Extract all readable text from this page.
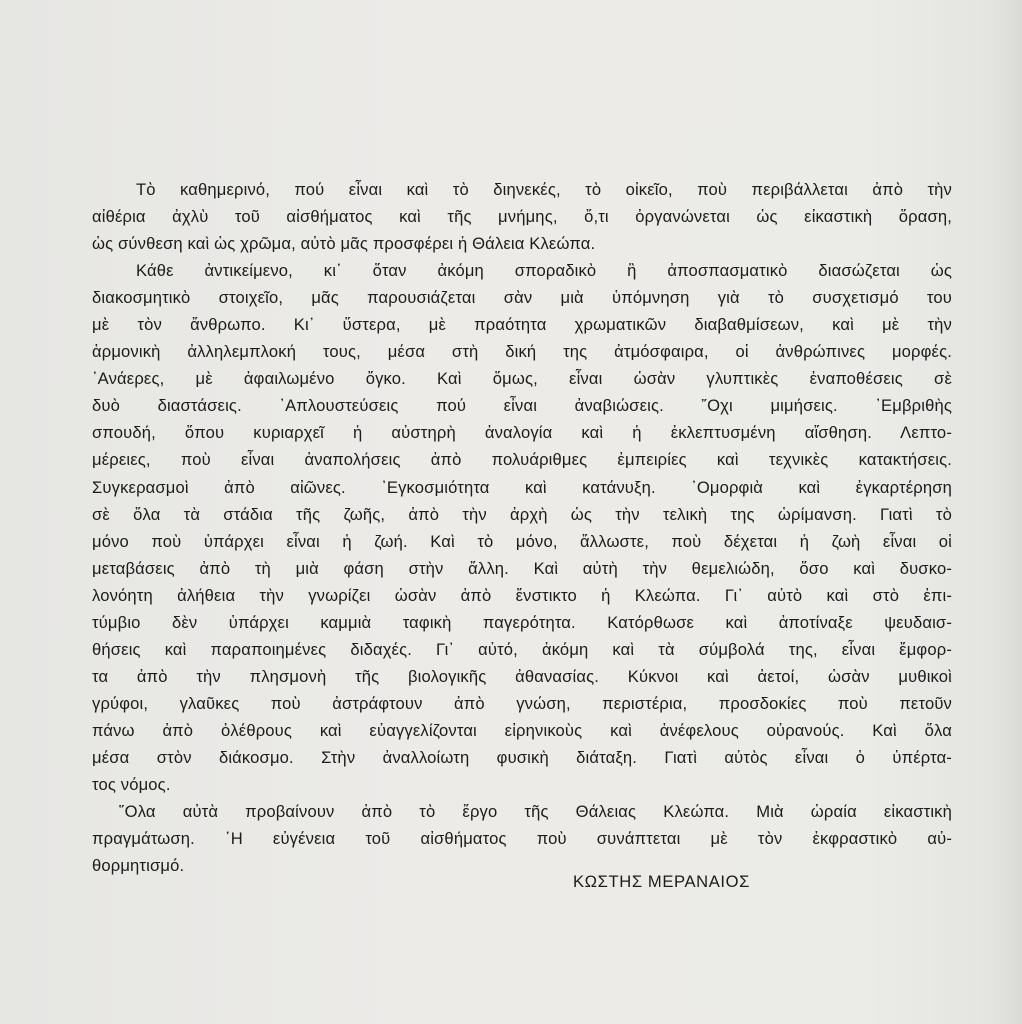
Τὸ καθημερινό, πού εἶναι καὶ τὸ διηνεκές, τὸ οἰκεῖο, ποὺ περιβάλλεται ἀπὸ τὴν
αἰθέρια ἀχλὺ τοῦ αἰσθήματος καὶ τῆς μνήμης, ὅ,τι ὀργανώνεται ὡς εἰκαστικὴ ὅραση,
ὡς σύνθεση καὶ ὡς χρῶμα, αὐτὸ μᾶς προσφέρει ἡ Θάλεια Κλεώπα.
Κάθε ἀντικείμενο, κι᾿ ὅταν ἀκόμη σποραδικὸ ἢ ἀποσπασματικὸ διασώζεται ὡς
διακοσμητικὸ στοιχεῖο, μᾶς παρουσιάζεται σὰν μιὰ ὑπόμνηση γιὰ τὸ συσχετισμό του
μὲ τὸν ἄνθρωπο. Κι᾿ ὕστερα, μὲ πραότητα χρωματικῶν διαβαθμίσεων, καὶ μὲ τὴν
ἁρμονικὴ ἀλληλεμπλοκή τους, μέσα στὴ δική της ἀτμόσφαιρα, οἱ ἀνθρώπινες μορφές.
᾿Ανάερες, μὲ ἀφαιλωμένο ὄγκο. Καὶ ὅμως, εἶναι ὡσὰν γλυπτικὲς ἐναποθέσεις σὲ
δυὸ διαστάσεις. ᾿Απλουστεύσεις πού εἶναι ἀναβιώσεις. ῎Οχι μιμήσεις. ᾿Εμβριθὴς
σπουδή, ὅπου κυριαρχεῖ ἡ αὐστηρὴ ἀναλογία καὶ ἡ ἐκλεπτυσμένη αἴσθηση. Λεπτο-
μέρειες, ποὺ εἶναι ἀναπολήσεις ἀπὸ πολυάριθμες ἐμπειρίες καὶ τεχνικὲς κατακτήσεις.
Συγκερασμοὶ ἀπὸ αἰῶνες. ᾿Εγκοσμιότητα καὶ κατάνυξη. ᾿Ομορφιὰ καὶ ἐγκαρτέρηση
σὲ ὅλα τὰ στάδια τῆς ζωῆς, ἀπὸ τὴν ἀρχὴ ὡς τὴν τελικὴ της ὡρίμανση. Γιατὶ τὸ
μόνο ποὺ ὑπάρχει εἶναι ἡ ζωή. Καὶ τὸ μόνο, ἄλλωστε, ποὺ δέχεται ἡ ζωὴ εἶναι οἱ
μεταβάσεις ἀπὸ τὴ μιὰ φάση στὴν ἄλλη. Καὶ αὐτὴ τὴν θεμελιώδη, ὅσο καὶ δυσκο-
λονόητη ἀλήθεια τὴν γνωρίζει ὡσὰν ἀπὸ ἔνστικτο ἡ Κλεώπα. Γι᾿ αὐτὸ καὶ στὸ ἐπι-
τύμβιο δὲν ὑπάρχει καμμιὰ ταφικὴ παγερότητα. Κατόρθωσε καὶ ἀποτίναξε ψευδαισ-
θήσεις καὶ παραποιημένες διδαχές. Γι᾿ αὐτό, ἀκόμη καὶ τὰ σύμβολά της, εἶναι ἔμφορ-
τα ἀπὸ τὴν πλησμονὴ τῆς βιολογικῆς ἀθανασίας. Κύκνοι καὶ ἀετοί, ὡσὰν μυθικοὶ
γρύφοι, γλαῦκες ποὺ ἀστράφτουν ἀπὸ γνώση, περιστέρια, προσδοκίες ποὺ πετοῦν
πάνω ἀπὸ ὀλέθρους καὶ εὐαγγελίζονται εἰρηνικοὺς καὶ ἀνέφελους οὐρανούς. Καὶ ὅλα
μέσα στὸν διάκοσμο. Στὴν ἀναλλοίωτη φυσικὴ διάταξη. Γιατὶ αὐτὸς εἶναι ὁ ὑπέρτα-
τος νόμος.
῞Ολα αὐτὰ προβαίνουν ἀπὸ τὸ ἔργο τῆς Θάλειας Κλεώπα. Μιὰ ὡραία εἰκαστικὴ
πραγμάτωση. ῾Η εὐγένεια τοῦ αἰσθήματος ποὺ συνάπτεται μὲ τὸν ἐκφραστικὸ αὐ-
θορμητισμό.
ΚΩΣΤΗΣ ΜΕΡΑΝΑΙΟΣ
